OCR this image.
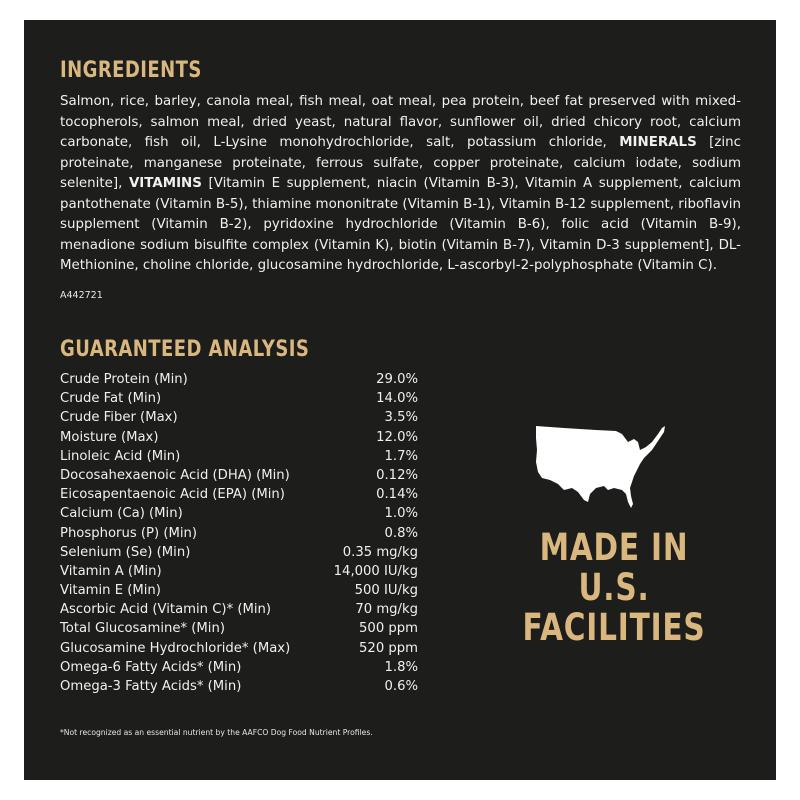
INGREDIENTS
Salmon, rice, barley, canola meal, fish meal, oat meal, pea protein, beef fat preserved with mixed-tocopherols, salmon meal, dried yeast, natural flavor, sunflower oil, dried chicory root, calcium carbonate, fish oil, L-Lysine monohydrochloride, salt, potassium chloride, MINERALS [zinc proteinate, manganese proteinate, ferrous sulfate, copper proteinate, calcium iodate, sodium selenite], VITAMINS [Vitamin E supplement, niacin (Vitamin B-3), Vitamin A supplement, calcium pantothenate (Vitamin B-5), thiamine mononitrate (Vitamin B-1), Vitamin B-12 supplement, riboflavin supplement (Vitamin B-2), pyridoxine hydrochloride (Vitamin B-6), folic acid (Vitamin B-9), menadione sodium bisulfite complex (Vitamin K), biotin (Vitamin B-7), Vitamin D-3 supplement], DL-Methionine, choline chloride, glucosamine hydrochloride, L-ascorbyl-2-polyphosphate (Vitamin C).
A442721
GUARANTEED ANALYSIS
Crude Protein (Min)	29.0%
Crude Fat (Min)	14.0%
Crude Fiber (Max)	3.5%
Moisture (Max)	12.0%
Linoleic Acid (Min)	1.7%
Docosahexaenoic Acid (DHA) (Min)	0.12%
Eicosapentaenoic Acid (EPA) (Min)	0.14%
Calcium (Ca) (Min)	1.0%
Phosphorus (P) (Min)	0.8%
Selenium (Se) (Min)	0.35 mg/kg
Vitamin A (Min)	14,000 IU/kg
Vitamin E (Min)	500 IU/kg
Ascorbic Acid (Vitamin C)* (Min)	70 mg/kg
Total Glucosamine* (Min)	500 ppm
Glucosamine Hydrochloride* (Max)	520 ppm
Omega-6 Fatty Acids* (Min)	1.8%
Omega-3 Fatty Acids* (Min)	0.6%
*Not recognized as an essential nutrient by the AAFCO Dog Food Nutrient Profiles.
MADE IN
U.S.
FACILITIES
